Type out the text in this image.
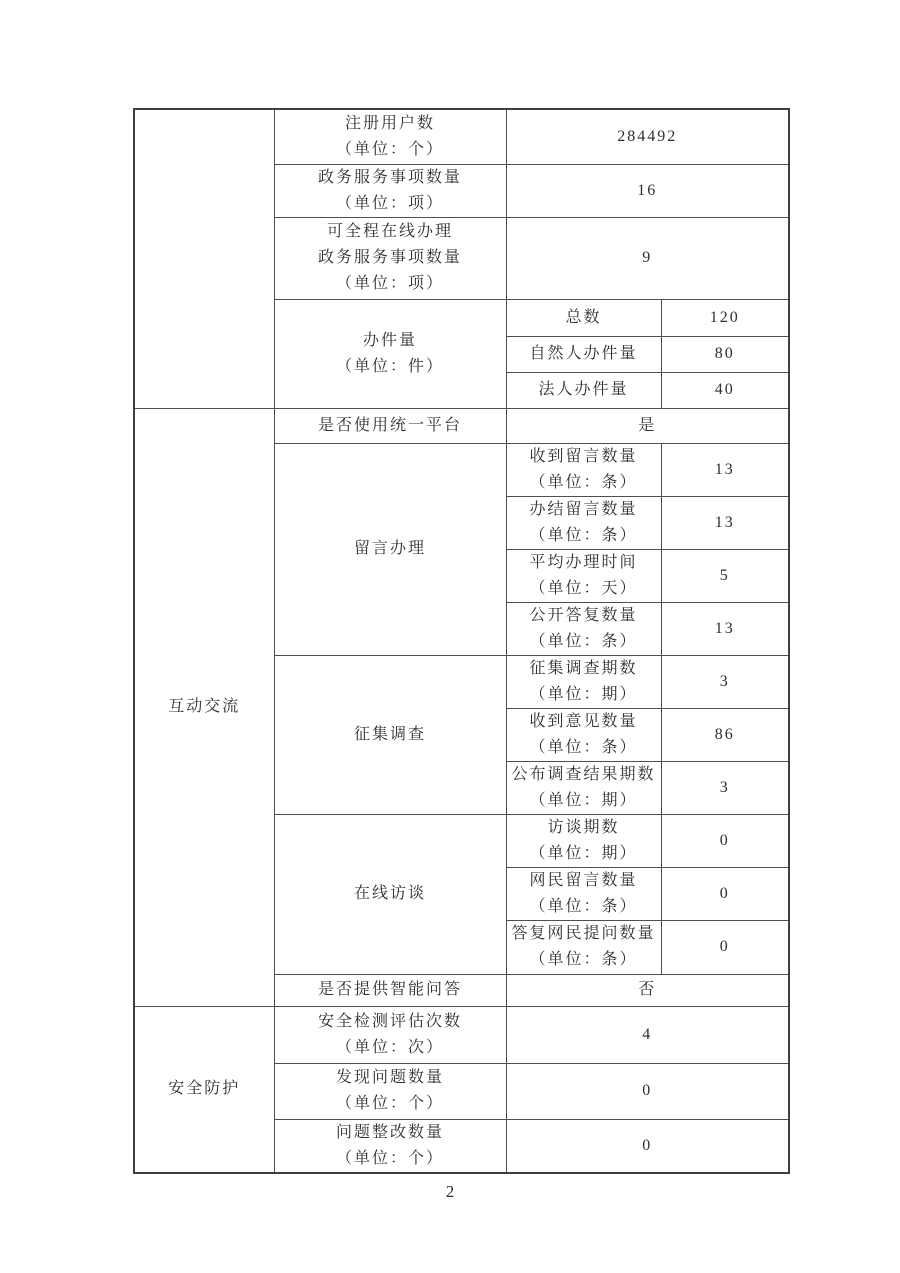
	注册用户数
（单位：个）	284492	

	政务服务事项数量
（单位：项）	16	

	可全程在线办理
政务服务事项数量
（单位：项）	9	

	办件量
（单位：件）	总数	120
		自然人办件量	80
		法人办件量	40
互动交流	是否使用统一平台	是	
	留言办理	收到留言数量
（单位：条）	13

		办结留言数量
（单位：条）	13

		平均办理时间
（单位：天）	5

		公开答复数量
（单位：条）	13
	征集调查	征集调查期数
（单位：期）	3

		收到意见数量
（单位：条）	86

		公布调查结果期数
（单位：期）	3
	在线访谈	访谈期数
（单位：期）	0

		网民留言数量
（单位：条）	0

		答复网民提问数量
（单位：条）	0
	是否提供智能问答	否	
安全防护	安全检测评估次数
（单位：次）	4	

	发现问题数量
（单位：个）	0	

	问题整改数量
（单位：个）	0	
2
